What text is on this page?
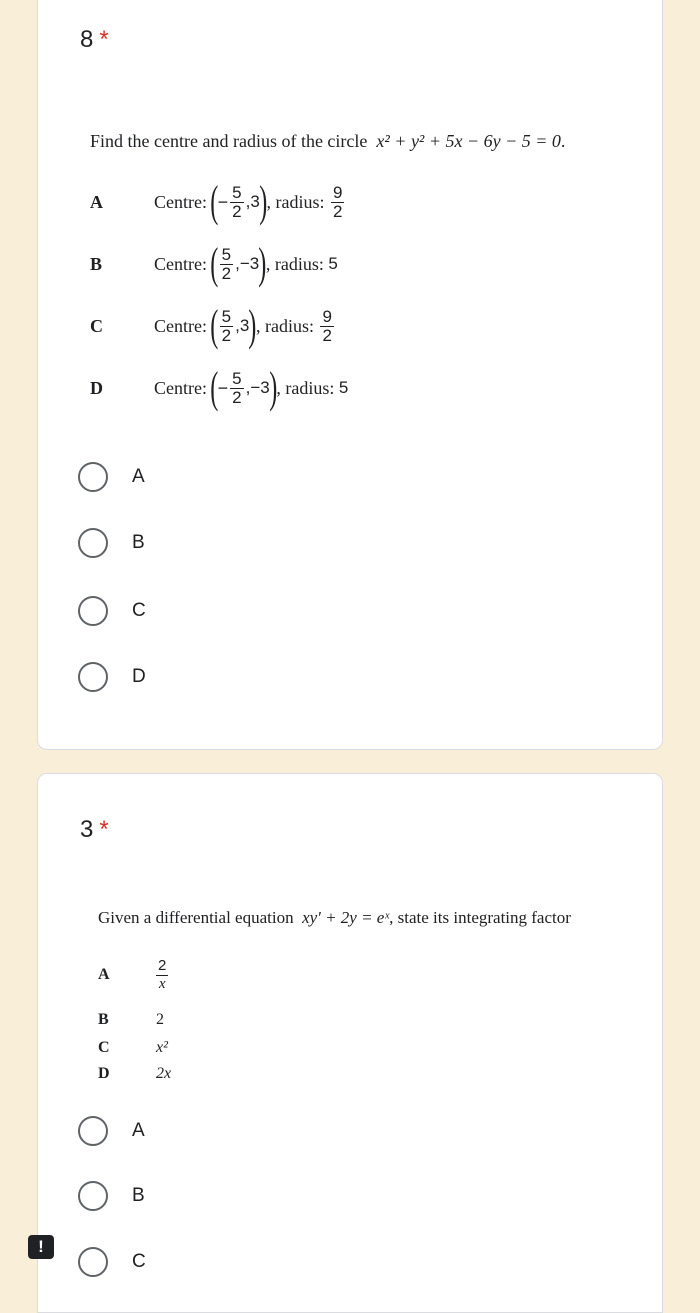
8 *
Find the centre and radius of the circle x² + y² + 5x − 6y − 5 = 0.
A	Centre: ( − $\frac{5}{2}$ , 3 ) , radius:
$\frac{9}{2}$
B	Centre: ( $\frac{5}{2}$ , −3 ) , radius:
5
C	Centre: ( $\frac{5}{2}$ , 3 ) , radius:
$\frac{9}{2}$
D	Centre: ( − $\frac{5}{2}$ , −3 ) , radius:
5
A
B
C
D
3 *
Given a differential equation xy' + 2y = eˣ, state its integrating factor
A	$\frac{2}{x}$
B	2
C	x²
D	2x
A
B
C
!
